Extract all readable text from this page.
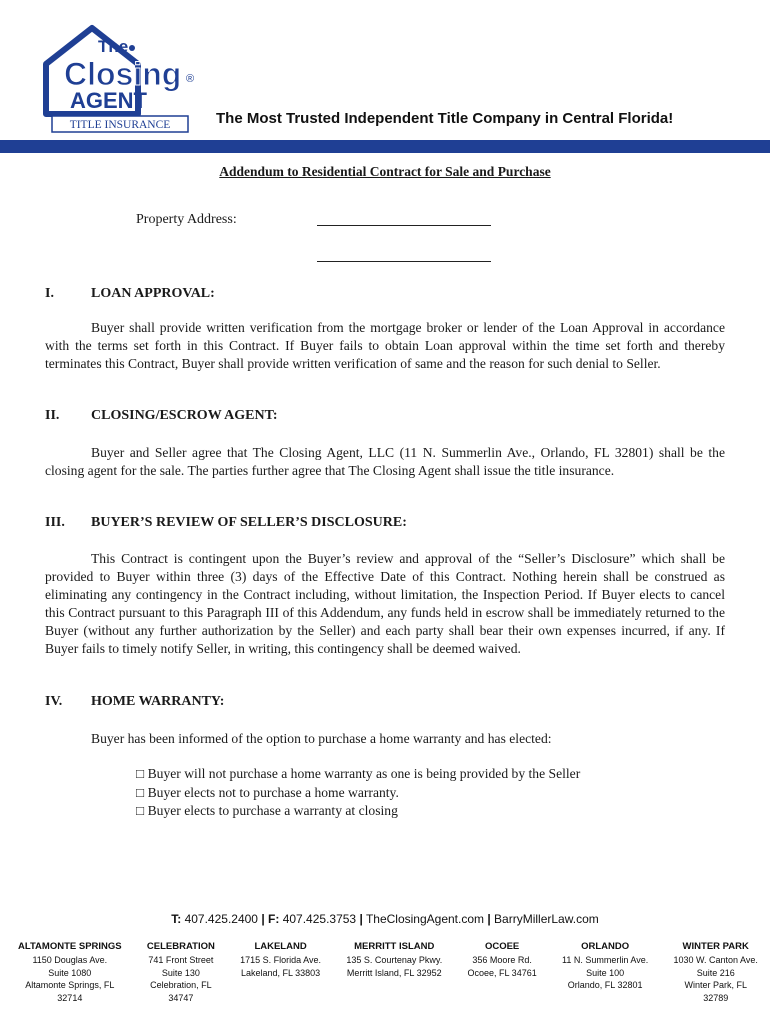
The
Closing ®
AGENT
TITLE INSURANCE	The Most Trusted Independent Title Company in Central Florida!
Addendum to Residential Contract for Sale and Purchase
Property Address:
I.	LOAN APPROVAL:

Buyer shall provide written verification from the mortgage broker or lender of the Loan Approval in accordance with the terms set forth in this Contract. If Buyer fails to obtain Loan approval within the time set forth and thereby terminates this Contract, Buyer shall provide written verification of same and the reason for such denial to Seller.

II. CLOSING/ESCROW AGENT:

Buyer and Seller agree that The Closing Agent, LLC (11 N. Summerlin Ave., Orlando, FL 32801) shall be the closing agent for the sale. The parties further agree that The Closing Agent shall issue the title insurance.

III. BUYER’S REVIEW OF SELLER’S DISCLOSURE:

This Contract is contingent upon the Buyer’s review and approval of the “Seller’s Disclosure” which shall be provided to Buyer within three (3) days of the Effective Date of this Contract. Nothing herein shall be construed as eliminating any contingency in the Contract including, without limitation, the Inspection Period. If Buyer elects to cancel this Contract pursuant to this Paragraph III of this Addendum, any funds held in escrow shall be immediately returned to the Buyer (without any further authorization by the Seller) and each party shall bear their own expenses incurred, if any. If Buyer fails to timely notify Seller, in writing, this contingency shall be deemed waived.

IV. HOME WARRANTY:

Buyer has been informed of the option to purchase a home warranty and has elected:

□ Buyer will not purchase a home warranty as one is being provided by the Seller
□ Buyer elects not to purchase a home warranty.
□ Buyer elects to purchase a warranty at closing
T: 407.425.2400 | F: 407.425.3753 | TheClosingAgent.com | BarryMillerLaw.com
ALTAMONTE SPRINGS
1150 Douglas Ave.
Suite 1080
Altamonte Springs, FL
32714
CELEBRATION
741 Front Street
Suite 130
Celebration, FL
34747
LAKELAND
1715 S. Florida Ave.
Lakeland, FL 33803
MERRITT ISLAND
135 S. Courtenay Pkwy.
Merritt Island, FL 32952
OCOEE
356 Moore Rd.
Ocoee, FL 34761
ORLANDO
11 N. Summerlin Ave.
Suite 100
Orlando, FL 32801
WINTER PARK
1030 W. Canton Ave.
Suite 216
Winter Park, FL
32789
